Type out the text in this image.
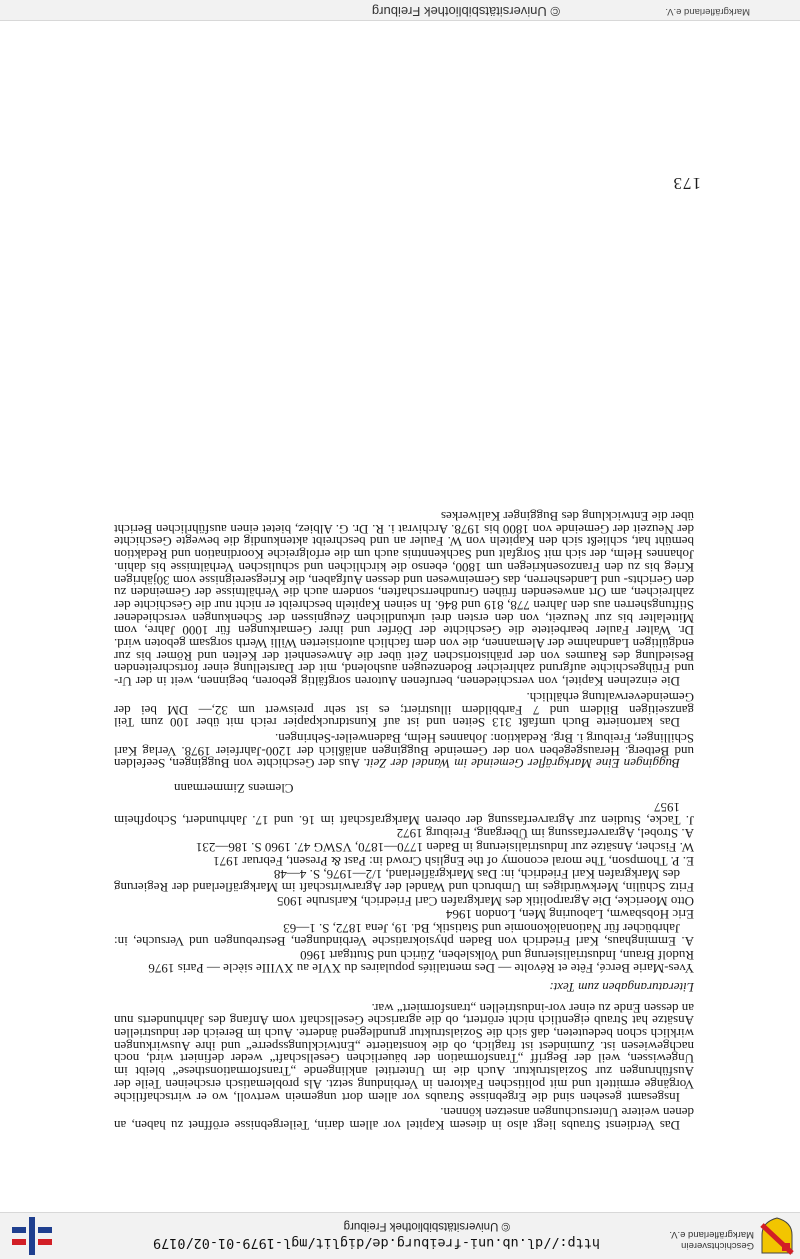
Geschichtsverein
Markgräflerland e.V.
http://dl.ub.uni-freiburg.de/diglit/mgl-1979-01-02/0179
© Universitätsbibliothek Freiburg

Das Verdienst Straubs liegt also in diesem Kapitel vor allem darin, Teilergebnisse eröffnet zu haben, an denen weitere Untersuchungen ansetzen können.

Insgesamt gesehen sind die Ergebnisse Straubs vor allem dort ungemein wertvoll, wo er wirtschaftliche Vorgänge ermittelt und mit politischen Faktoren in Verbindung setzt. Als problematisch erscheinen Teile der Ausführungen zur Sozialstruktur. Auch die im Untertitel anklingende „Transformationsthese“ bleibt im Ungewissen, weil der Begriff „Transformation der bäuerlichen Gesellschaft“ weder definiert wird, noch nachgewiesen ist. Zumindest ist fraglich, ob die konstatierte „Entwicklungssperre“ und ihre Auswirkungen wirklich schon bedeuteten, daß sich die Sozialstruktur grundlegend änderte. Auch im Bereich der industriellen Ansätze hat Straub eigentlich nicht erörtert, ob die agrarische Gesellschaft vom Anfang des Jahrhunderts nun an dessen Ende zu einer vor-industriellen „transformiert“ war.

Literaturangaben zum Text:

Yves-Marie Bercé, Fête et Révolte — Des mentalités populaires du XVIe au XVIIIe siècle — Paris 1976

Rudolf Braun, Industrialisierung und Volksleben, Zürich und Stuttgart 1960

A. Emminghaus, Karl Friedrich von Baden physiokratische Verbindungen, Bestrebungen und Versuche, in: Jahrbücher für Nationalökonomie und Statistik, Bd. 19, Jena 1872, S. 1—63

Eric Hobsbawm, Labouring Men, London 1964

Otto Moericke, Die Agrarpolitik des Markgrafen Carl Friedrich, Karlsruhe 1905

Fritz Schülin, Merkwürdiges im Umbruch und Wandel der Agrarwirtschaft im Markgräflerland der Regierung des Markgrafen Karl Friedrich, in: Das Markgräflerland, 1/2—1976, S. 4—48

E. P. Thompson, The moral economy of the English Crowd in: Past & Present, Februar 1971

W. Fischer, Ansätze zur Industrialisierung in Baden 1770—1870, VSWG 47. 1960 S. 186—231

A. Strobel, Agrarverfassung im Übergang, Freiburg 1972

J. Tacke, Studien zur Agrarverfassung der oberen Markgrafschaft im 16. und 17. Jahrhundert, Schopfheim 1957

Clemens Zimmermann

Buggingen Eine Markgräfler Gemeinde im Wandel der Zeit. Aus der Geschichte von Buggingen, Seefelden und Betberg. Herausgegeben von der Gemeinde Buggingen anläßlich der 1200-Jahrfeier 1978. Verlag Karl Schillinger, Freiburg i. Brg. Redaktion: Johannes Helm, Badenweiler-Sehringen.

Das kartonierte Buch umfaßt 313 Seiten und ist auf Kunstdruckpapier reich mit über 100 zum Teil ganzseitigen Bildern und 7 Farbbildern illustriert; es ist sehr preiswert um 32,— DM bei der Gemeindeverwaltung erhältlich.

Die einzelnen Kapitel, von verschiedenen, berufenen Autoren sorgfältig geboren, beginnen, weit in der Ur- und Frühgeschichte aufgrund zahlreicher Bodenzeugen ausholend, mit der Darstellung einer fortschreitenden Besiedlung des Raumes von der prähistorischen Zeit über die Anwesenheit der Kelten und Römer bis zur endgültigen Landnahme der Alemannen, die von dem fachlich autorisierten Willi Werth sorgsam geboten wird. Dr. Walter Fauler bearbeitete die Geschichte der Dörfer und ihrer Gemarkungen für 1000 Jahre, vom Mittelalter bis zur Neuzeit, von den ersten drei urkundlichen Zeugnissen der Schenkungen verschiedener Stiftungsherren aus den Jahren 778, 819 und 846. In seinen Kapiteln beschreibt er nicht nur die Geschichte der zahlreichen, am Ort anwesenden frühen Grundherrschaften, sondern auch die Verhältnisse der Gemeinden zu den Gerichts- und Landesherren, das Gemeinwesen und dessen Aufgaben, die Kriegsereignisse vom 30jährigen Krieg bis zu den Franzosenkriegen um 1800, ebenso die kirchlichen und schulischen Verhältnisse bis dahin. Johannes Helm, der sich mit Sorgfalt und Sachkenntnis auch um die erfolgreiche Koordination und Redaktion bemüht hat, schließt sich den Kapiteln von W. Fauler an und beschreibt aktenkundig die bewegte Geschichte der Neuzeit der Gemeinde von 1800 bis 1978. Archivrat i. R. Dr. G. Albiez, bietet einen ausführlichen Bericht über die Entwicklung des Bugginger Kaliwerkes

173
Markgräflerland e.V.
© Universitätsbibliothek Freiburg
